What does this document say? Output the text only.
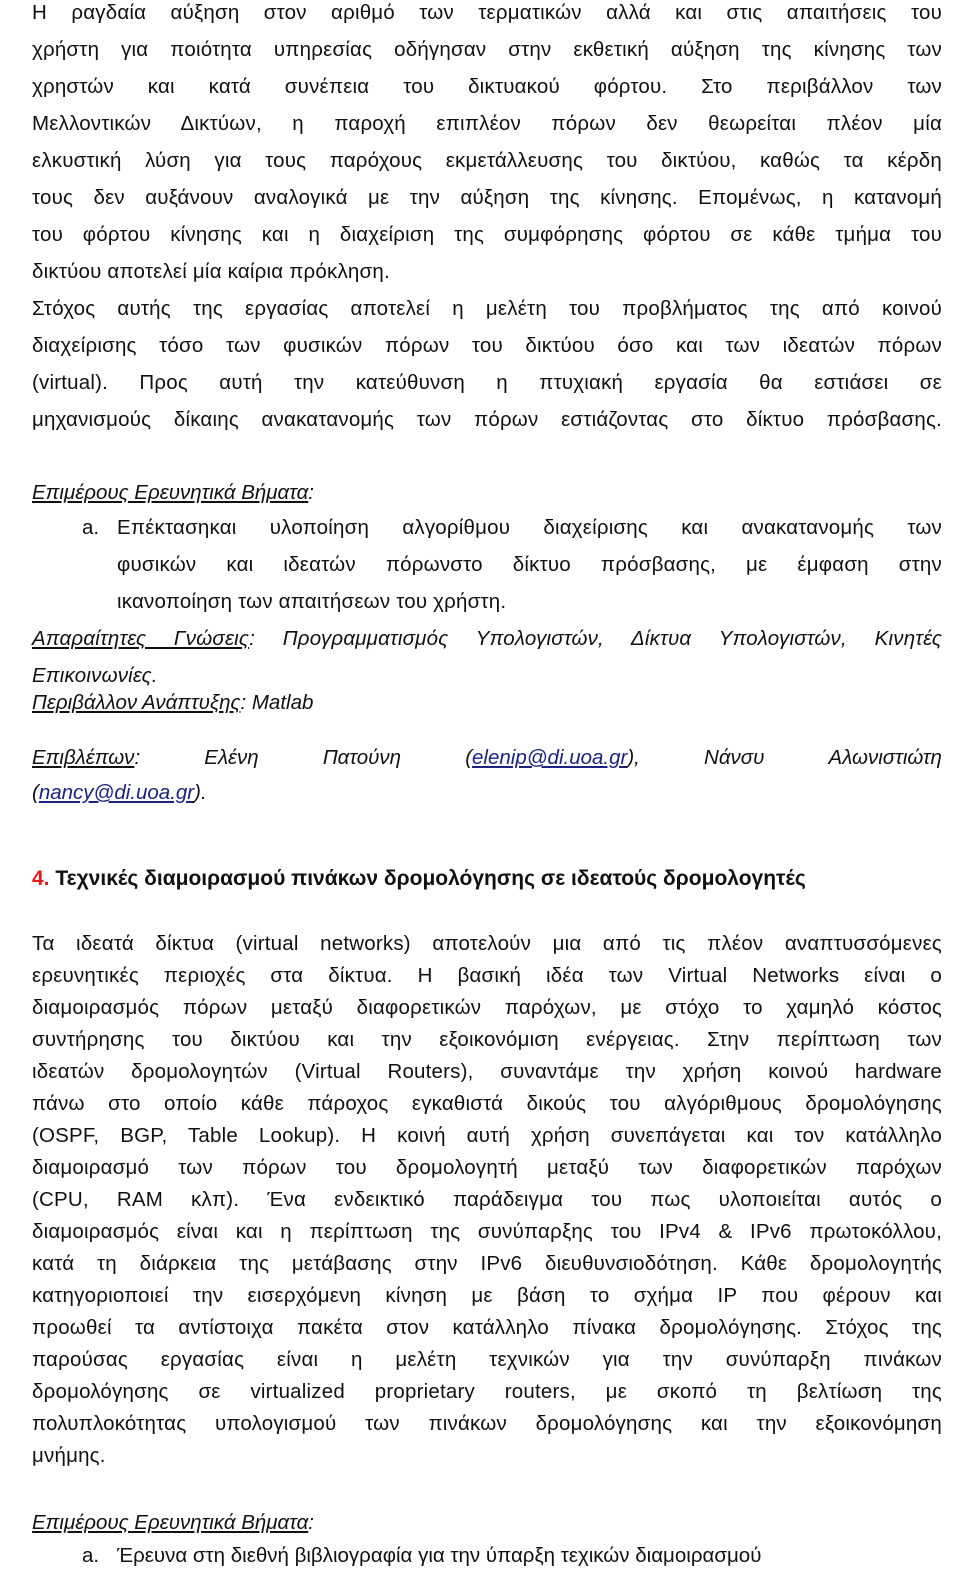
Η ραγδαία αύξηση στον αριθμό των τερματικών αλλά και στις απαιτήσεις του
χρήστη για ποιότητα υπηρεσίας οδήγησαν στην εκθετική αύξηση της κίνησης των
χρηστών και κατά συνέπεια του δικτυακού φόρτου. Στο περιβάλλον των
Μελλοντικών Δικτύων, η παροχή επιπλέον πόρων δεν θεωρείται πλέον μία
ελκυστική λύση για τους παρόχους εκμετάλλευσης του δικτύου, καθώς τα κέρδη
τους δεν αυξάνουν αναλογικά με την αύξηση της κίνησης. Επομένως, η κατανομή
του φόρτου κίνησης και η διαχείριση της συμφόρησης φόρτου σε κάθε τμήμα του
δικτύου αποτελεί μία καίρια πρόκληση.
Στόχος αυτής της εργασίας αποτελεί η μελέτη του προβλήματος της από κοινού
διαχείρισης τόσο των φυσικών πόρων του δικτύου όσο και των ιδεατών πόρων
(virtual). Προς αυτή την κατεύθυνση η πτυχιακή εργασία θα εστιάσει σε
μηχανισμούς δίκαιης ανακατανομής των πόρων εστιάζοντας στο δίκτυο πρόσβασης.
Επιμέρους Ερευνητικά Βήματα:
a. Επέκτασηκαι υλοποίηση αλγορίθμου διαχείρισης και ανακατανομής των
φυσικών και ιδεατών πόρωνστο δίκτυο πρόσβασης, με έμφαση στην
ικανοποίηση των απαιτήσεων του χρήστη.
Απαραίτητες Γνώσεις: Προγραμματισμός Υπολογιστών, Δίκτυα Υπολογιστών, Κινητές
Επικοινωνίες.
Περιβάλλον Ανάπτυξης: Matlab
Επιβλέπων:	Ελένη	Πατούνη	(elenip@di.uoa.gr),	Νάνσυ	Αλωνιστιώτη
(nancy@di.uoa.gr).
4. Τεχνικές διαμοιρασμού πινάκων δρομολόγησης σε ιδεατούς δρομολογητές
Τα ιδεατά δίκτυα (virtual networks) αποτελούν μια από τις πλέον αναπτυσσόμενες
ερευνητικές περιοχές στα δίκτυα. Η βασική ιδέα των Virtual Networks είναι ο
διαμοιρασμός πόρων μεταξύ διαφορετικών παρόχων, με στόχο το χαμηλό κόστος
συντήρησης του δικτύου και την εξοικονόμιση ενέργειας. Στην περίπτωση των
ιδεατών δρομολογητών (Virtual Routers), συναντάμε την χρήση κοινού hardware
πάνω στο οποίο κάθε πάροχος εγκαθιστά δικούς του αλγόριθμους δρομολόγησης
(OSPF, BGP, Table Lookup). Η κοινή αυτή χρήση συνεπάγεται και τον κατάλληλο
διαμοιρασμό των πόρων του δρομολογητή μεταξύ των διαφορετικών παρόχων
(CPU, RAM κλπ). Ένα ενδεικτικό παράδειγμα του πως υλοποιείται αυτός ο
διαμοιρασμός είναι και η περίπτωση της συνύπαρξης του IPv4 & IPv6 πρωτοκόλλου,
κατά τη διάρκεια της μετάβασης στην IPv6 διευθυνσιοδότηση. Κάθε δρομολογητής
κατηγοριοποιεί την εισερχόμενη κίνηση με βάση το σχήμα IP που φέρουν και
προωθεί τα αντίστοιχα πακέτα στον κατάλληλο πίνακα δρομολόγησης. Στόχος της
παρούσας εργασίας είναι η μελέτη τεχνικών για την συνύπαρξη πινάκων
δρομολόγησης σε virtualized proprietary routers, με σκοπό τη βελτίωση της
πολυπλοκότητας υπολογισμού των πινάκων δρομολόγησης και την εξοικονόμηση
μνήμης.
Επιμέρους Ερευνητικά Βήματα:
a. Έρευνα στη διεθνή βιβλιογραφία για την ύπαρξη τεχικών διαμοιρασμού
